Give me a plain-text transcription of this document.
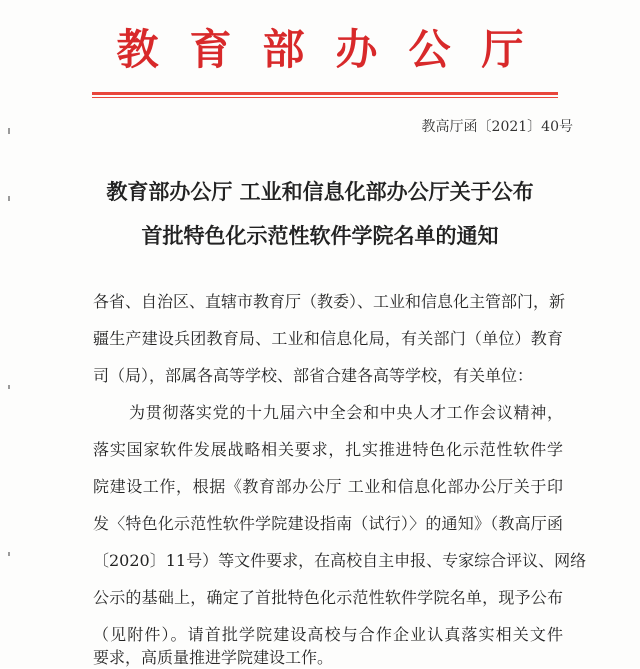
教育部办公厅
教高厅函〔2021〕40号
教育部办公厅 工业和信息化部办公厅关于公布
首批特色化示范性软件学院名单的通知
各省、自治区、直辖市教育厅（教委）、工业和信息化主管部门，新
疆生产建设兵团教育局、工业和信息化局，有关部门（单位）教育
司（局），部属各高等学校、部省合建各高等学校，有关单位：
为贯彻落实党的十九届六中全会和中央人才工作会议精神，
落实国家软件发展战略相关要求，扎实推进特色化示范性软件学
院建设工作，根据《教育部办公厅 工业和信息化部办公厅关于印
发〈特色化示范性软件学院建设指南（试行）〉的通知》（教高厅函
〔2020〕11号）等文件要求，在高校自主申报、专家综合评议、网络
公示的基础上，确定了首批特色化示范性软件学院名单，现予公布
（见附件）。请首批学院建设高校与合作企业认真落实相关文件
要求，高质量推进学院建设工作。
